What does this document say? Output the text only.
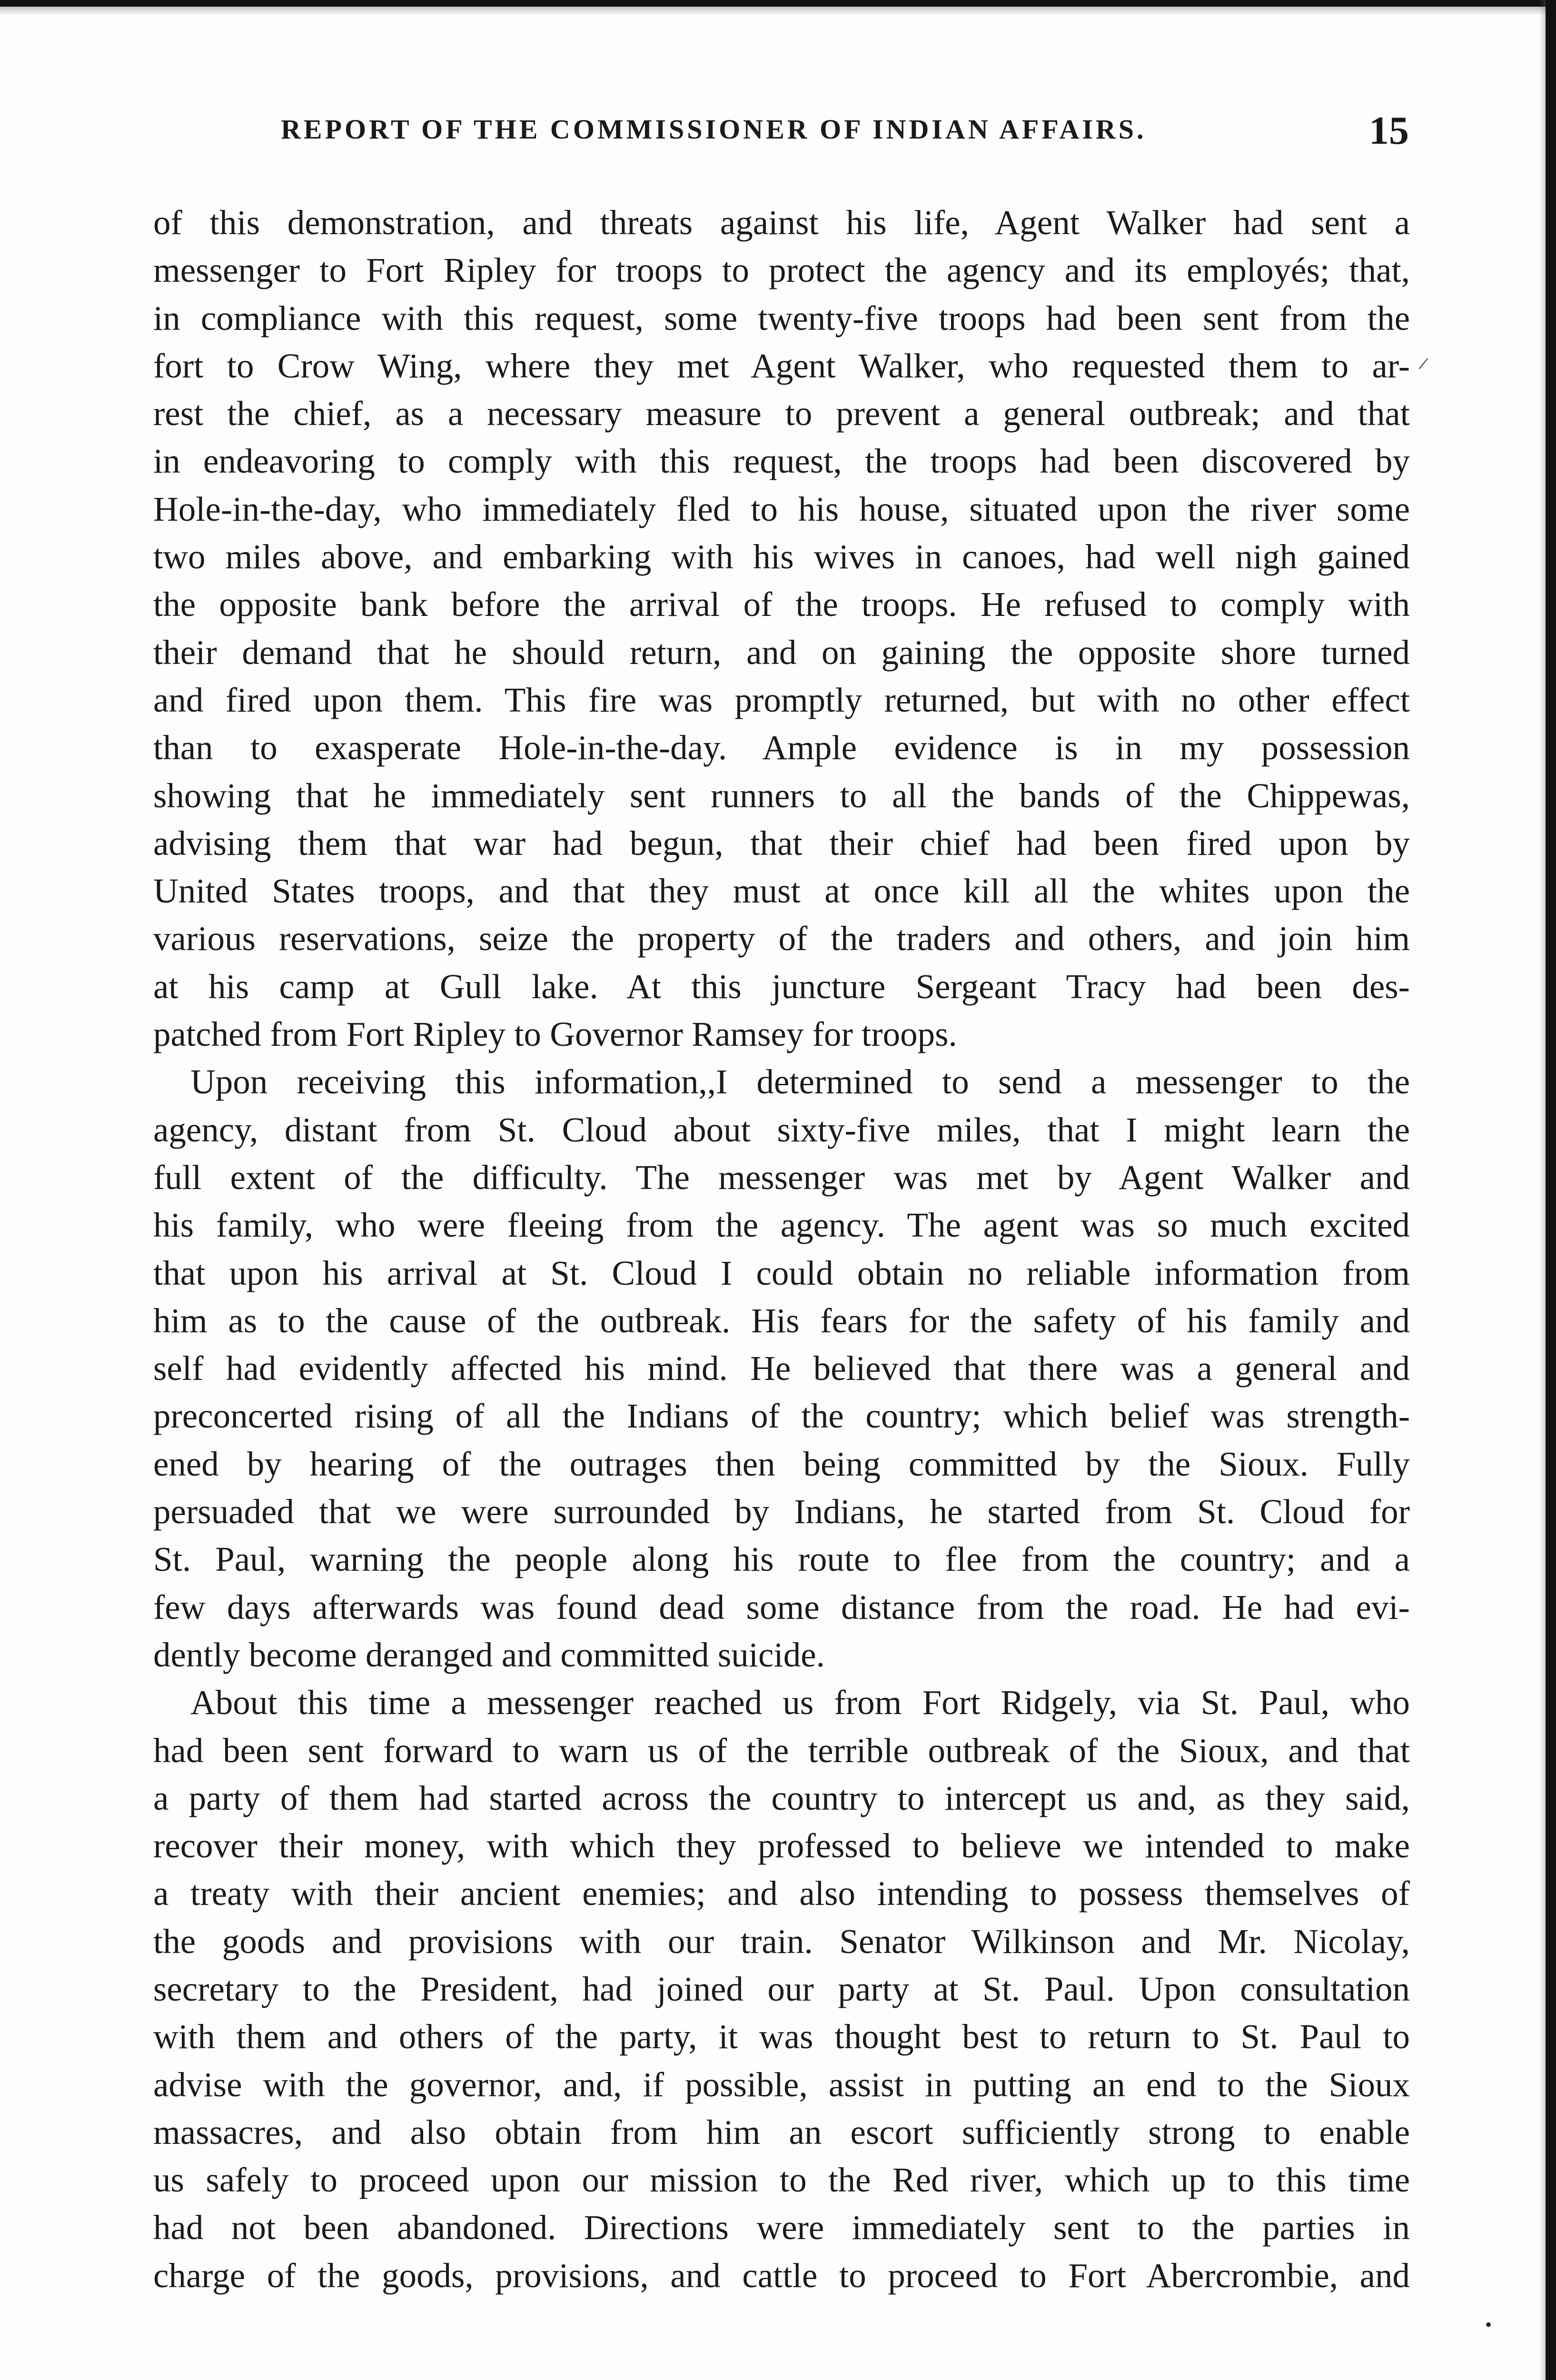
REPORT OF THE COMMISSIONER OF INDIAN AFFAIRS.	15
of this demonstration, and threats against his life, Agent Walker had sent a
messenger to Fort Ripley for troops to protect the agency and its employés; that,
in compliance with this request, some twenty-five troops had been sent from the
fort to Crow Wing, where they met Agent Walker, who requested them to ar-
rest the chief, as a necessary measure to prevent a general outbreak; and that
in endeavoring to comply with this request, the troops had been discovered by
Hole-in-the-day, who immediately fled to his house, situated upon the river some
two miles above, and embarking with his wives in canoes, had well nigh gained
the opposite bank before the arrival of the troops. He refused to comply with
their demand that he should return, and on gaining the opposite shore turned
and fired upon them. This fire was promptly returned, but with no other effect
than to exasperate Hole-in-the-day. Ample evidence is in my possession
showing that he immediately sent runners to all the bands of the Chippewas,
advising them that war had begun, that their chief had been fired upon by
United States troops, and that they must at once kill all the whites upon the
various reservations, seize the property of the traders and others, and join him
at his camp at Gull lake. At this juncture Sergeant Tracy had been des-
patched from Fort Ripley to Governor Ramsey for troops.
Upon receiving this information,,I determined to send a messenger to the
agency, distant from St. Cloud about sixty-five miles, that I might learn the
full extent of the difficulty. The messenger was met by Agent Walker and
his family, who were fleeing from the agency. The agent was so much excited
that upon his arrival at St. Cloud I could obtain no reliable information from
him as to the cause of the outbreak. His fears for the safety of his family and
self had evidently affected his mind. He believed that there was a general and
preconcerted rising of all the Indians of the country; which belief was strength-
ened by hearing of the outrages then being committed by the Sioux. Fully
persuaded that we were surrounded by Indians, he started from St. Cloud for
St. Paul, warning the people along his route to flee from the country; and a
few days afterwards was found dead some distance from the road. He had evi-
dently become deranged and committed suicide.
About this time a messenger reached us from Fort Ridgely, via St. Paul, who
had been sent forward to warn us of the terrible outbreak of the Sioux, and that
a party of them had started across the country to intercept us and, as they said,
recover their money, with which they professed to believe we intended to make
a treaty with their ancient enemies; and also intending to possess themselves of
the goods and provisions with our train. Senator Wilkinson and Mr. Nicolay,
secretary to the President, had joined our party at St. Paul. Upon consultation
with them and others of the party, it was thought best to return to St. Paul to
advise with the governor, and, if possible, assist in putting an end to the Sioux
massacres, and also obtain from him an escort sufficiently strong to enable
us safely to proceed upon our mission to the Red river, which up to this time
had not been abandoned. Directions were immediately sent to the parties in
charge of the goods, provisions, and cattle to proceed to Fort Abercrombie, and
/
•
